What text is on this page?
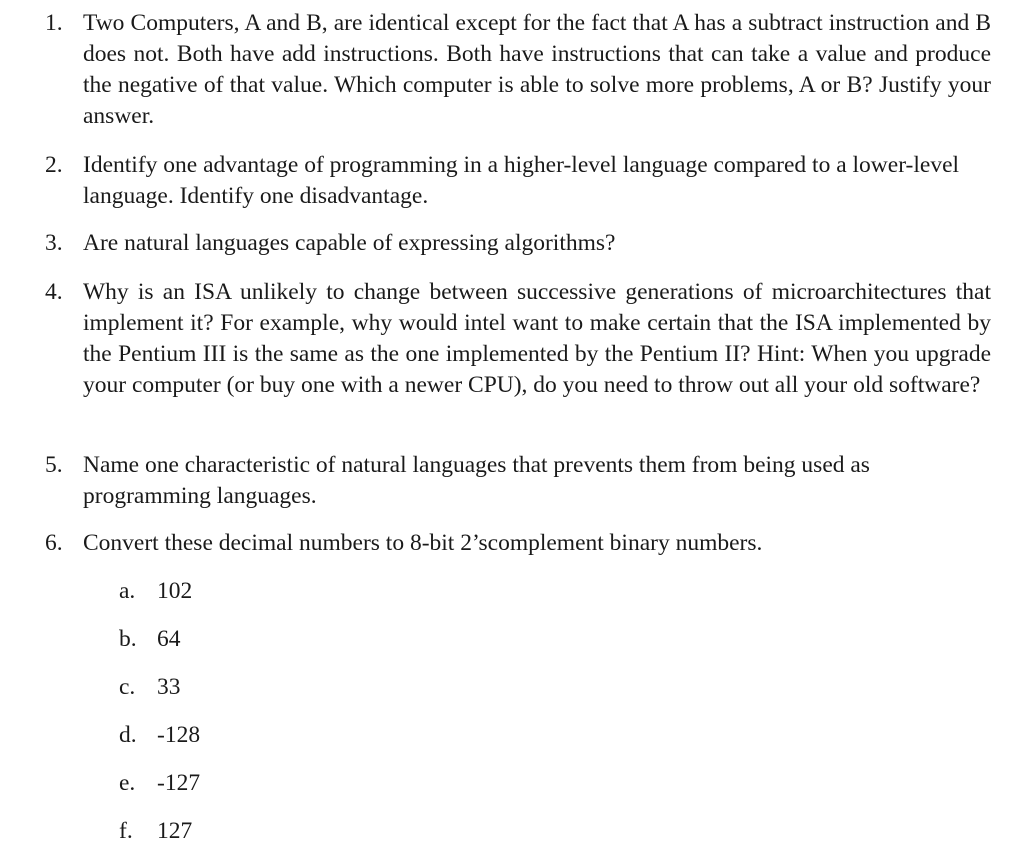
1. Two Computers, A and B, are identical except for the fact that A has a subtract instruction and B does not. Both have add instructions. Both have instructions that can take a value and produce the negative of that value. Which computer is able to solve more problems, A or B? Justify your answer.
2. Identify one advantage of programming in a higher-level language compared to a lower-level language. Identify one disadvantage.
3. Are natural languages capable of expressing algorithms?
4. Why is an ISA unlikely to change between successive generations of microarchitectures that implement it? For example, why would intel want to make certain that the ISA implemented by the Pentium III is the same as the one implemented by the Pentium II? Hint: When you upgrade your computer (or buy one with a newer CPU), do you need to throw out all your old software?
5. Name one characteristic of natural languages that prevents them from being used as programming languages.
6. Convert these decimal numbers to 8-bit 2’scomplement binary numbers.
a. 102
b. 64
c. 33
d. -128
e. -127
f. 127
